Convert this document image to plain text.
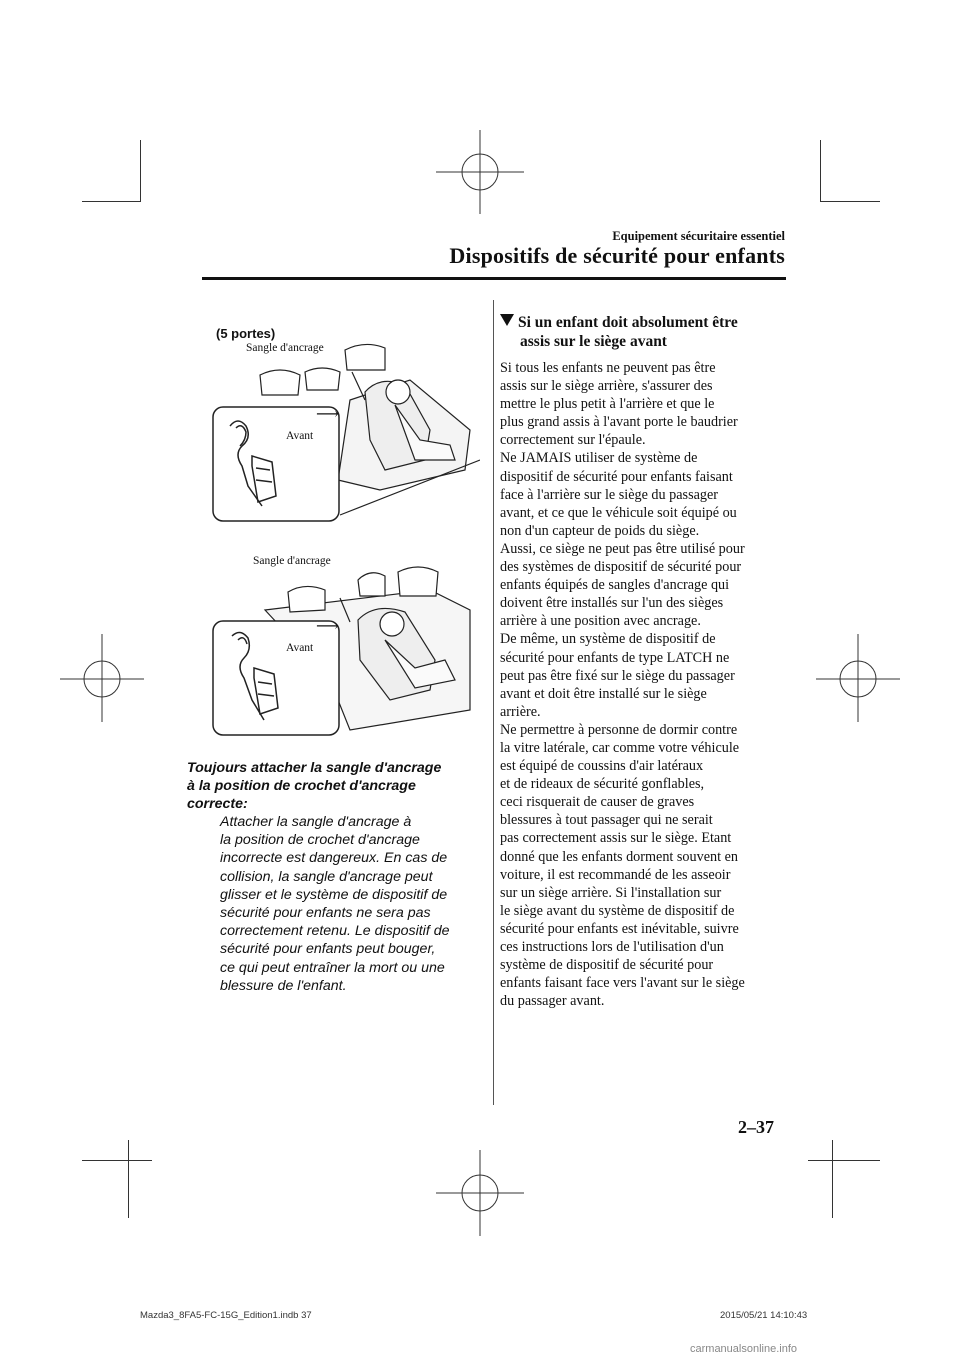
Equipement sécuritaire essentiel
Dispositifs de sécurité pour enfants
(5 portes)
Sangle d'ancrage
Avant
⟶
Sangle d'ancrage
Avant
⟶
Toujours attacher la sangle d'ancrage
à la position de crochet d'ancrage
correcte:
Attacher la sangle d'ancrage à
la position de crochet d'ancrage
incorrecte est dangereux. En cas de
collision, la sangle d'ancrage peut
glisser et le système de dispositif de
sécurité pour enfants ne sera pas
correctement retenu. Le dispositif de
sécurité pour enfants peut bouger,
ce qui peut entraîner la mort ou une
blessure de l'enfant.
Si un enfant doit absolument être
assis sur le siège avant
Si tous les enfants ne peuvent pas être
assis sur le siège arrière, s'assurer des
mettre le plus petit à l'arrière et que le
plus grand assis à l'avant porte le baudrier
correctement sur l'épaule.
Ne JAMAIS utiliser de système de
dispositif de sécurité pour enfants faisant
face à l'arrière sur le siège du passager
avant, et ce que le véhicule soit équipé ou
non d'un capteur de poids du siège.
Aussi, ce siège ne peut pas être utilisé pour
des systèmes de dispositif de sécurité pour
enfants équipés de sangles d'ancrage qui
doivent être installés sur l'un des sièges
arrière à une position avec ancrage.
De même, un système de dispositif de
sécurité pour enfants de type LATCH ne
peut pas être fixé sur le siège du passager
avant et doit être installé sur le siège
arrière.
Ne permettre à personne de dormir contre
la vitre latérale, car comme votre véhicule
est équipé de coussins d'air latéraux
et de rideaux de sécurité gonflables,
ceci risquerait de causer de graves
blessures à tout passager qui ne serait
pas correctement assis sur le siège. Etant
donné que les enfants dorment souvent en
voiture, il est recommandé de les asseoir
sur un siège arrière. Si l'installation sur
le siège avant du système de dispositif de
sécurité pour enfants est inévitable, suivre
ces instructions lors de l'utilisation d'un
système de dispositif de sécurité pour
enfants faisant face vers l'avant sur le siège
du passager avant.
2–37
Mazda3_8FA5-FC-15G_Edition1.indb 37	2015/05/21 14:10:43
carmanualsonline.info
